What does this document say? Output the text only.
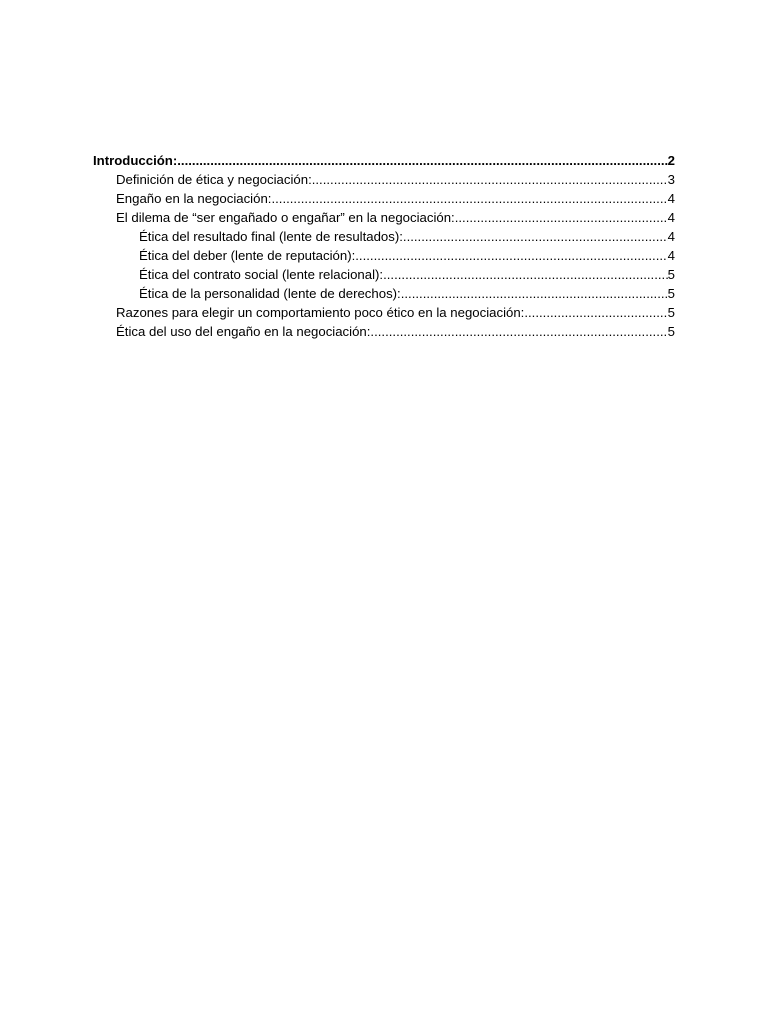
Introducción: .....	2
Definición de ética y negociación: .....	3
Engaño en la negociación: .....	4
El dilema de “ser engañado o engañar” en la negociación: .....	4
Ética del resultado final (lente de resultados): .....	4
Ética del deber (lente de reputación): .....	4
Ética del contrato social (lente relacional): .....	5
Ética de la personalidad (lente de derechos): .....	5
Razones para elegir un comportamiento poco ético en la negociación: .....	5
Ética del uso del engaño en la negociación: .....	5
